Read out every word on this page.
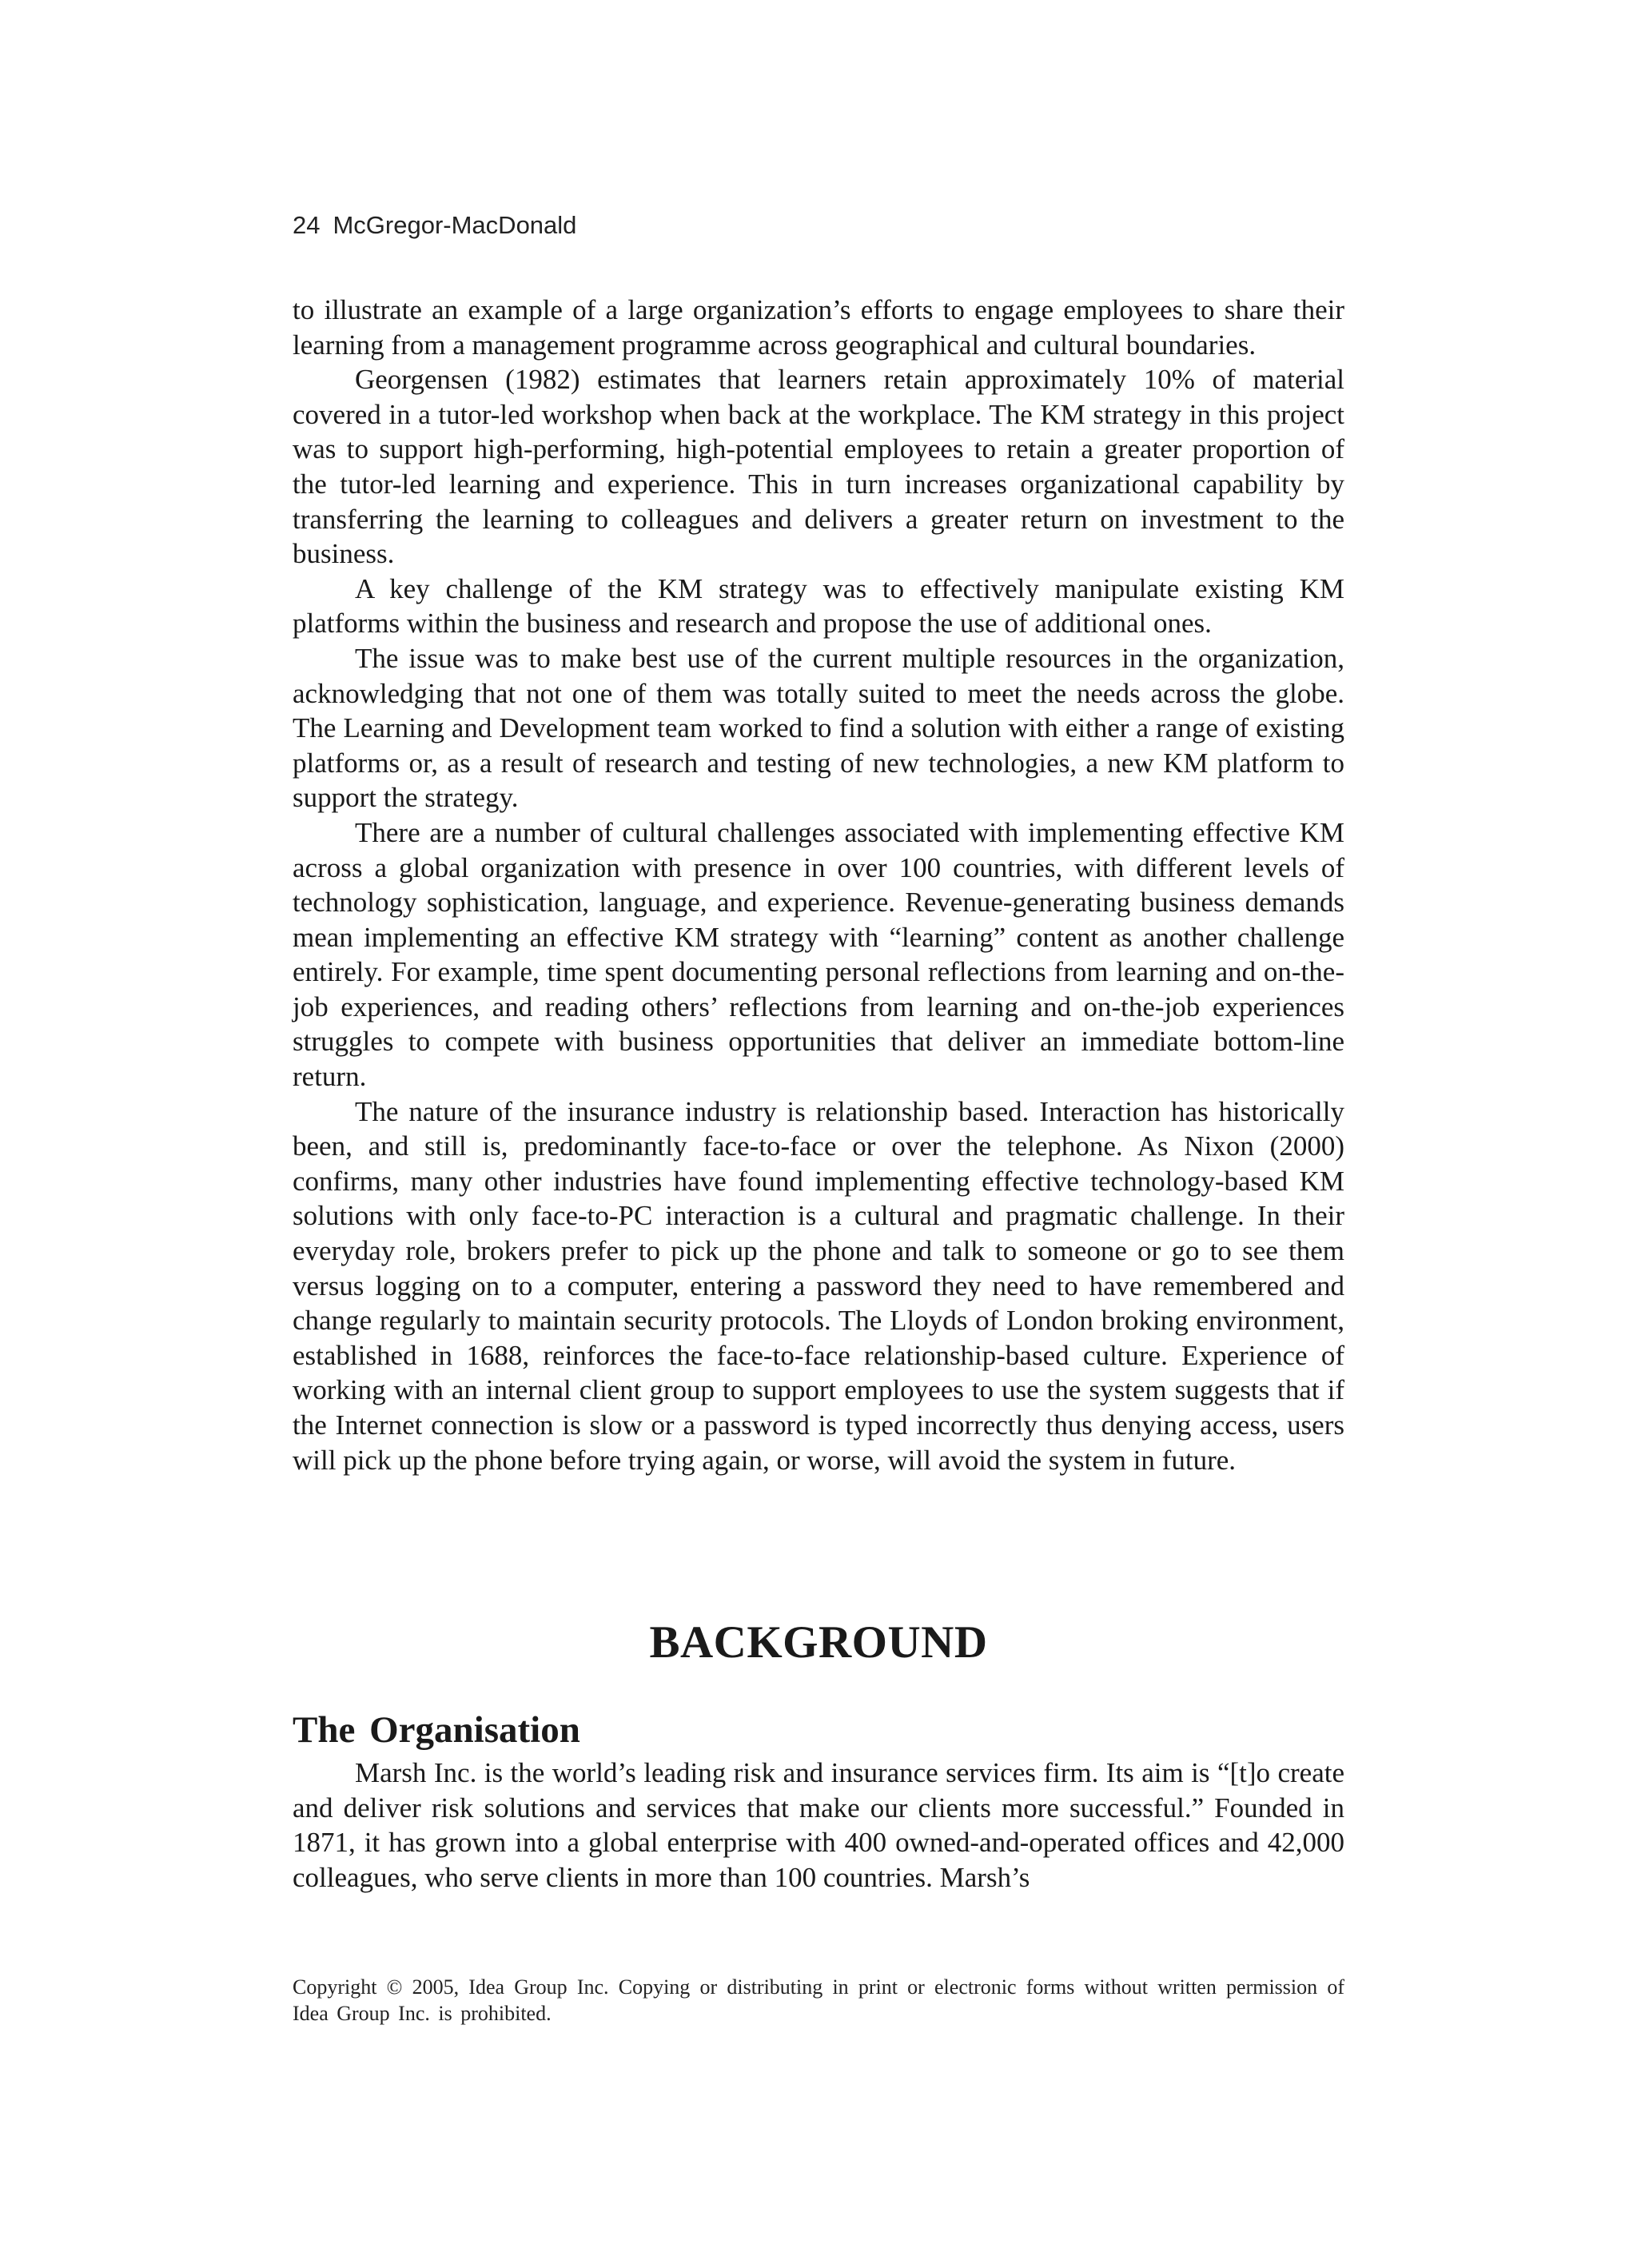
24 McGregor-MacDonald

to illustrate an example of a large organization’s efforts to engage employees to share their learning from a management programme across geographical and cultural boundaries.

Georgensen (1982) estimates that learners retain approximately 10% of material covered in a tutor-led workshop when back at the workplace. The KM strategy in this project was to support high-performing, high-potential employees to retain a greater proportion of the tutor-led learning and experience. This in turn increases organizational capability by transferring the learning to colleagues and delivers a greater return on investment to the business.

A key challenge of the KM strategy was to effectively manipulate existing KM platforms within the business and research and propose the use of additional ones.

The issue was to make best use of the current multiple resources in the organization, acknowledging that not one of them was totally suited to meet the needs across the globe. The Learning and Development team worked to find a solution with either a range of existing platforms or, as a result of research and testing of new technologies, a new KM platform to support the strategy.

There are a number of cultural challenges associated with implementing effective KM across a global organization with presence in over 100 countries, with different levels of technology sophistication, language, and experience. Revenue-generating business demands mean implementing an effective KM strategy with “learning” content as another challenge entirely. For example, time spent documenting personal reflections from learning and on-the-job experiences, and reading others’ reflections from learning and on-the-job experiences struggles to compete with business opportunities that deliver an immediate bottom-line return.

The nature of the insurance industry is relationship based. Interaction has historically been, and still is, predominantly face-to-face or over the telephone. As Nixon (2000) confirms, many other industries have found implementing effective technology-based KM solutions with only face-to-PC interaction is a cultural and pragmatic challenge. In their everyday role, brokers prefer to pick up the phone and talk to someone or go to see them versus logging on to a computer, entering a password they need to have remembered and change regularly to maintain security protocols. The Lloyds of London broking environment, established in 1688, reinforces the face-to-face relationship-based culture. Experience of working with an internal client group to support employees to use the system suggests that if the Internet connection is slow or a password is typed incorrectly thus denying access, users will pick up the phone before trying again, or worse, will avoid the system in future.

BACKGROUND
The Organisation

Marsh Inc. is the world’s leading risk and insurance services firm. Its aim is “[t]o create and deliver risk solutions and services that make our clients more successful.” Founded in 1871, it has grown into a global enterprise with 400 owned-and-operated offices and 42,000 colleagues, who serve clients in more than 100 countries. Marsh’s

Copyright © 2005, Idea Group Inc. Copying or distributing in print or electronic forms without written permission of Idea Group Inc. is prohibited.
